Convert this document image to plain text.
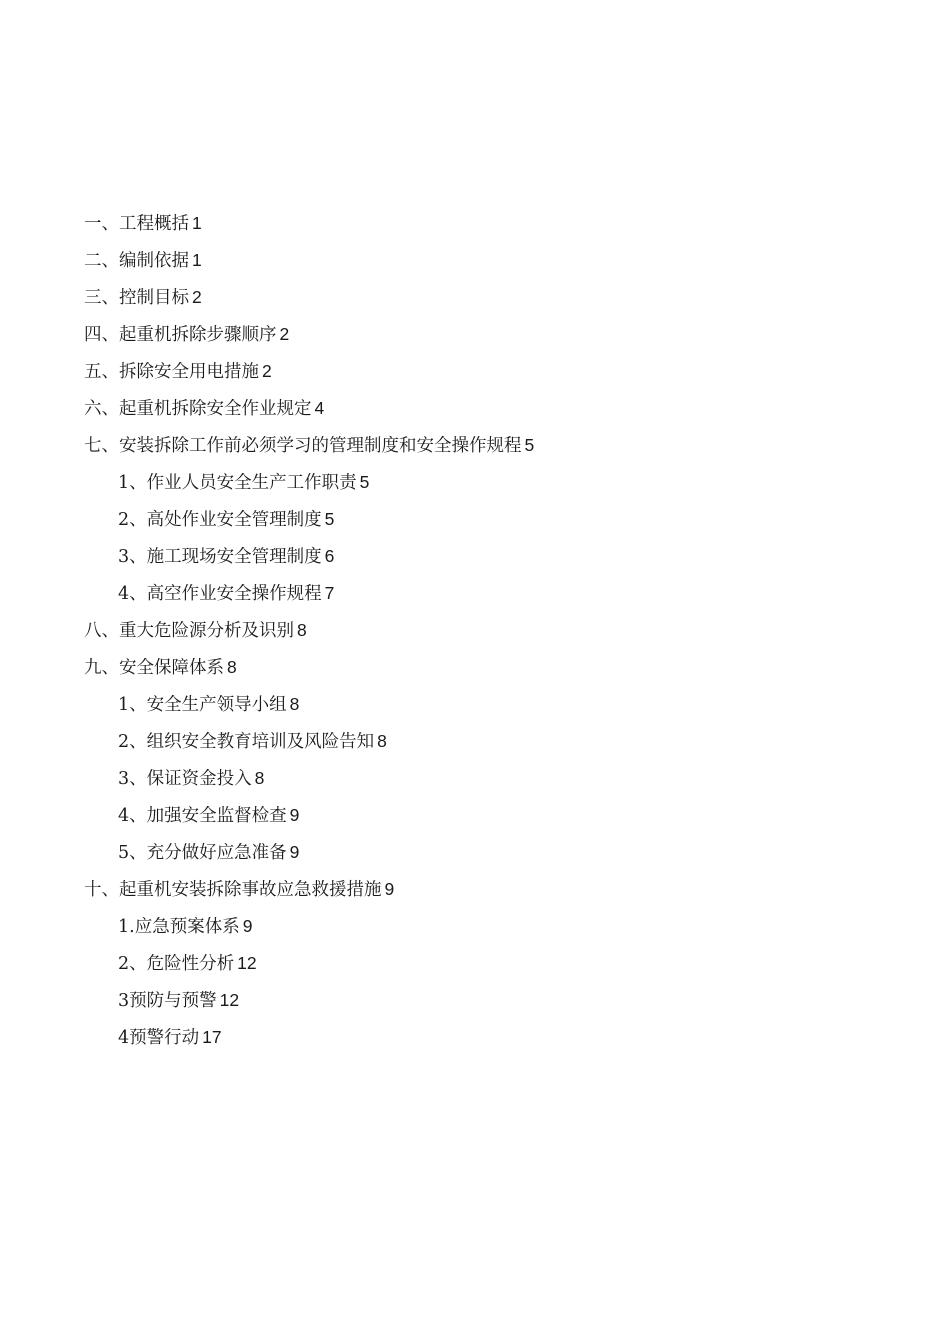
一、工程概括 1
二、编制依据 1
三、控制目标 2
四、起重机拆除步骤顺序 2
五、拆除安全用电措施 2
六、起重机拆除安全作业规定 4
七、安装拆除工作前必须学习的管理制度和安全操作规程 5
1、作业人员安全生产工作职责 5
2、高处作业安全管理制度 5
3、施工现场安全管理制度 6
4、高空作业安全操作规程 7
八、重大危险源分析及识别 8
九、安全保障体系 8
1、安全生产领导小组 8
2、组织安全教育培训及风险告知 8
3、保证资金投入 8
4、加强安全监督检查 9
5、充分做好应急准备 9
十、起重机安装拆除事故应急救援措施 9
1.应急预案体系 9
2、危险性分析 12
3预防与预警 12
4预警行动 17
